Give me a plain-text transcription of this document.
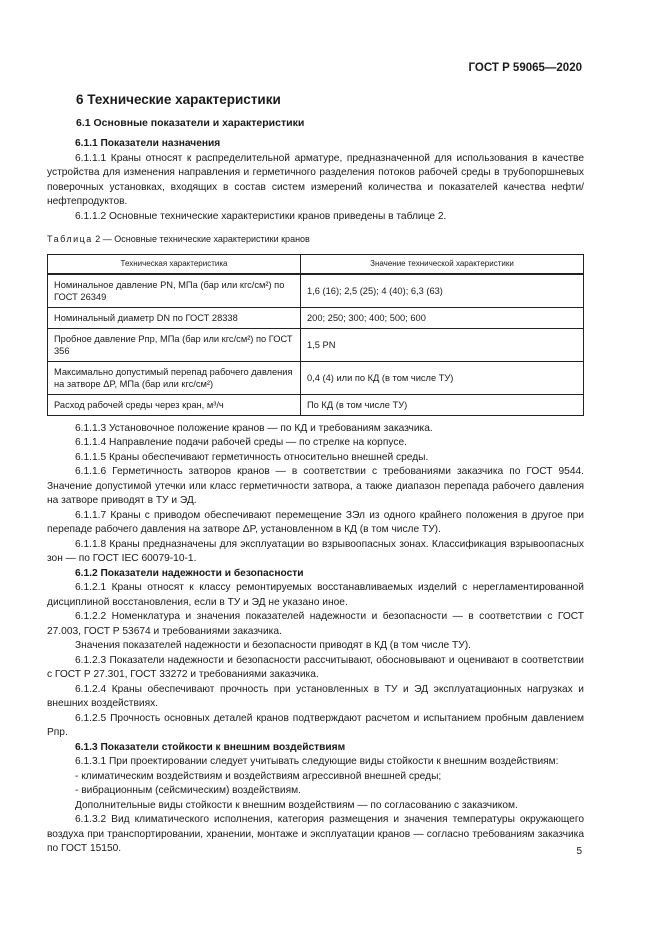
ГОСТ Р 59065—2020
6 Технические характеристики
6.1 Основные показатели и характеристики

6.1.1 Показатели назначения

6.1.1.1 Краны относят к распределительной арматуре, предназначенной для использования в качестве устройства для изменения направления и герметичного разделения потоков рабочей среды в трубопоршневых поверочных установках, входящих в состав систем измерений количества и показателей качества нефти/нефтепродуктов.

6.1.1.2 Основные технические характеристики кранов приведены в таблице 2.

Таблица 2 — Основные технические характеристики кранов
Техническая характеристика	Значение технической характеристики
Номинальное давление PN, МПа (бар или кгс/см²) по ГОСТ 26349	1,6 (16); 2,5 (25); 4 (40); 6,3 (63)
Номинальный диаметр DN по ГОСТ 28338	200; 250; 300; 400; 500; 600
Пробное давление Pпр, МПа (бар или кгс/см²) по ГОСТ 356	1,5 PN
Максимально допустимый перепад рабочего давления на затворе ΔP, МПа (бар или кгс/см²)	0,4 (4) или по КД (в том числе ТУ)
Расход рабочей среды через кран, м³/ч	По КД (в том числе ТУ)

6.1.1.3 Установочное положение кранов — по КД и требованиям заказчика.

6.1.1.4 Направление подачи рабочей среды — по стрелке на корпусе.

6.1.1.5 Краны обеспечивают герметичность относительно внешней среды.

6.1.1.6 Герметичность затворов кранов — в соответствии с требованиями заказчика по ГОСТ 9544. Значение допустимой утечки или класс герметичности затвора, а также диапазон перепада рабочего давления на затворе приводят в ТУ и ЭД.

6.1.1.7 Краны с приводом обеспечивают перемещение ЗЭл из одного крайнего положения в другое при перепаде рабочего давления на затворе ΔP, установленном в КД (в том числе ТУ).

6.1.1.8 Краны предназначены для эксплуатации во взрывоопасных зонах. Классификация взрывоопасных зон — по ГОСТ IEC 60079-10-1.

6.1.2 Показатели надежности и безопасности

6.1.2.1 Краны относят к классу ремонтируемых восстанавливаемых изделий с нерегламентированной дисциплиной восстановления, если в ТУ и ЭД не указано иное.

6.1.2.2 Номенклатура и значения показателей надежности и безопасности — в соответствии с ГОСТ 27.003, ГОСТ Р 53674 и требованиями заказчика.

Значения показателей надежности и безопасности приводят в КД (в том числе ТУ).

6.1.2.3 Показатели надежности и безопасности рассчитывают, обосновывают и оценивают в соответствии с ГОСТ Р 27.301, ГОСТ 33272 и требованиями заказчика.

6.1.2.4 Краны обеспечивают прочность при установленных в ТУ и ЭД эксплуатационных нагрузках и внешних воздействиях.

6.1.2.5 Прочность основных деталей кранов подтверждают расчетом и испытанием пробным давлением Pпр.

6.1.3 Показатели стойкости к внешним воздействиям

6.1.3.1 При проектировании следует учитывать следующие виды стойкости к внешним воздействиям:

- климатическим воздействиям и воздействиям агрессивной внешней среды;

- вибрационным (сейсмическим) воздействиям.

Дополнительные виды стойкости к внешним воздействиям — по согласованию с заказчиком.

6.1.3.2 Вид климатического исполнения, категория размещения и значения температуры окружающего воздуха при транспортировании, хранении, монтаже и эксплуатации кранов — согласно требованиям заказчика по ГОСТ 15150.	5
